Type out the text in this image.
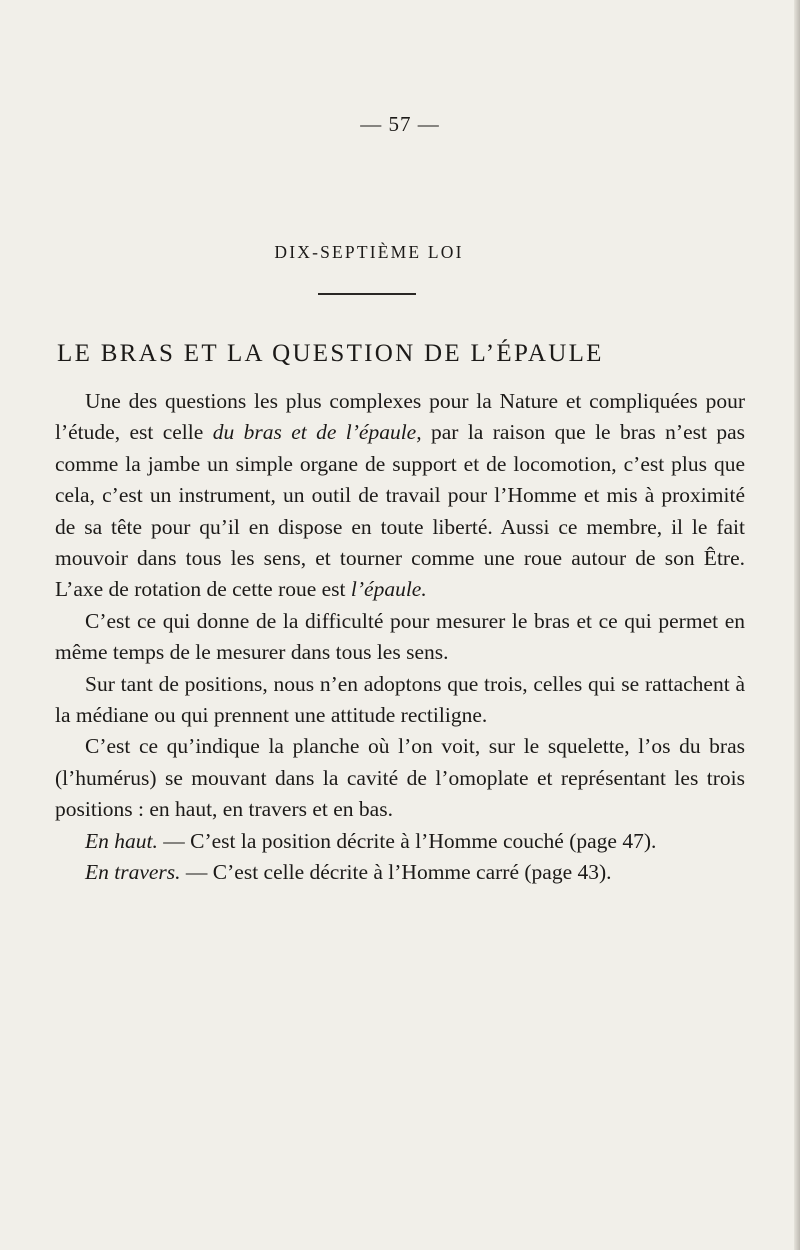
— 57 —
DIX-SEPTIÈME LOI
LE BRAS ET LA QUESTION DE L’ÉPAULE

Une des questions les plus complexes pour la Nature et compliquées pour l’étude, est celle du bras et de l’épaule, par la raison que le bras n’est pas comme la jambe un simple organe de support et de locomotion, c’est plus que cela, c’est un instrument, un outil de travail pour l’Homme et mis à proximité de sa tête pour qu’il en dispose en toute liberté. Aussi ce membre, il le fait mouvoir dans tous les sens, et tourner comme une roue autour de son Être. L’axe de rotation de cette roue est l’épaule.

C’est ce qui donne de la difficulté pour mesurer le bras et ce qui permet en même temps de le mesurer dans tous les sens.

Sur tant de positions, nous n’en adoptons que trois, celles qui se rattachent à la médiane ou qui prennent une attitude rectiligne.

C’est ce qu’indique la planche où l’on voit, sur le squelette, l’os du bras (l’humérus) se mouvant dans la cavité de l’omoplate et représentant les trois positions : en haut, en travers et en bas.

En haut. — C’est la position décrite à l’Homme couché (page 47).

En travers. — C’est celle décrite à l’Homme carré (page 43).
